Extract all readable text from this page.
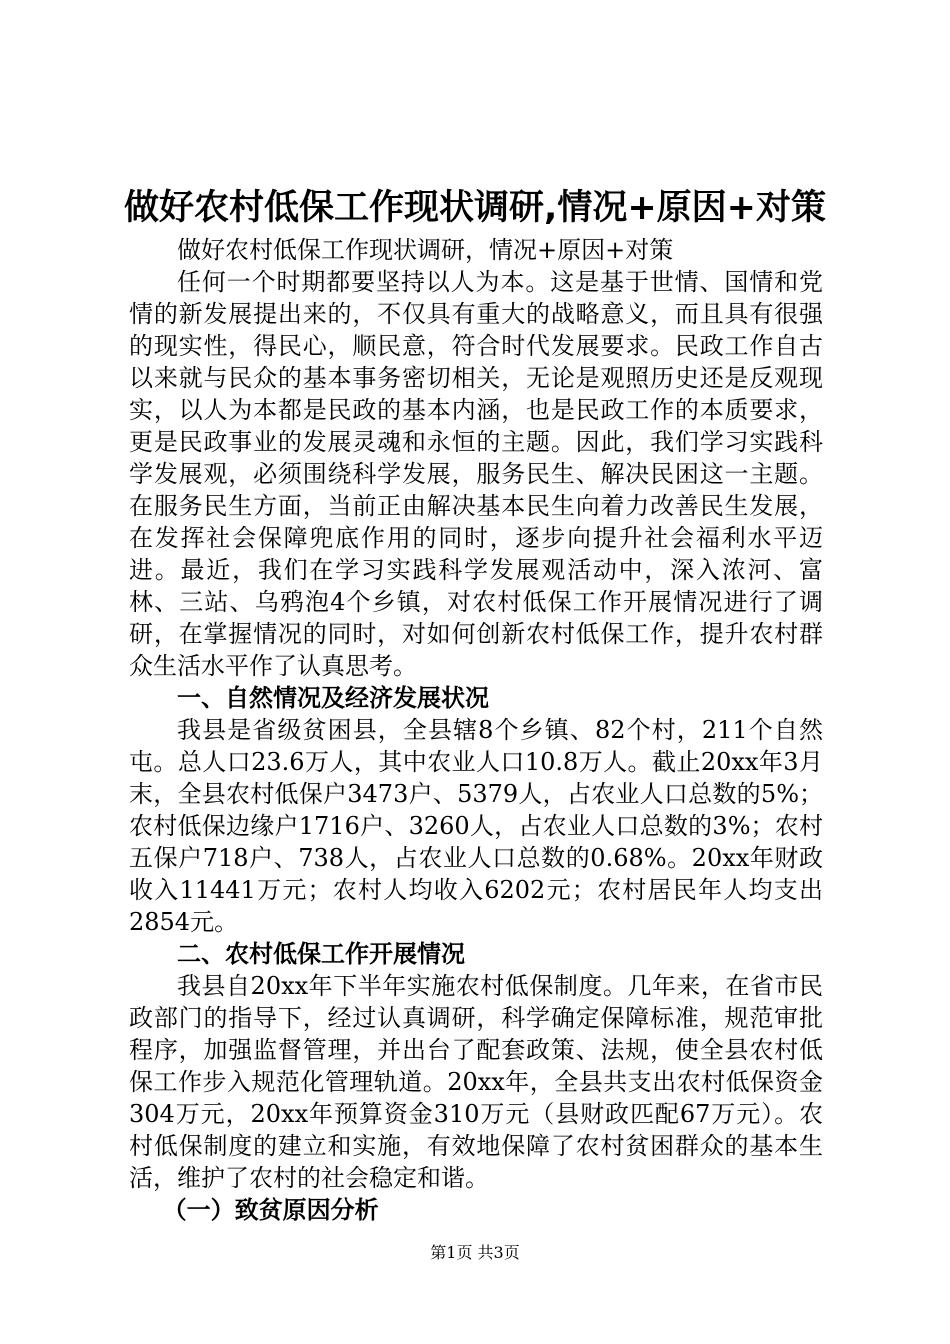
做好农村低保工作现状调研,情况+原因+对策

做好农村低保工作现状调研，情况+原因+对策

任何一个时期都要坚持以人为本。这是基于世情、国情和党情的新发展提出来的，不仅具有重大的战略意义，而且具有很强的现实性，得民心，顺民意，符合时代发展要求。民政工作自古以来就与民众的基本事务密切相关，无论是观照历史还是反观现实，以人为本都是民政的基本内涵，也是民政工作的本质要求，更是民政事业的发展灵魂和永恒的主题。因此，我们学习实践科学发展观，必须围绕科学发展，服务民生、解决民困这一主题。在服务民生方面，当前正由解决基本民生向着力改善民生发展，在发挥社会保障兜底作用的同时，逐步向提升社会福利水平迈进。最近，我们在学习实践科学发展观活动中，深入浓河、富林、三站、乌鸦泡4个乡镇，对农村低保工作开展情况进行了调研，在掌握情况的同时，对如何创新农村低保工作，提升农村群众生活水平作了认真思考。

一、自然情况及经济发展状况

我县是省级贫困县，全县辖8个乡镇、82个村，211个自然屯。总人口23.6万人，其中农业人口10.8万人。截止20xx年3月末，全县农村低保户3473户、5379人，占农业人口总数的5%；农村低保边缘户1716户、3260人，占农业人口总数的3%；农村五保户718户、738人，占农业人口总数的0.68%。20xx年财政收入11441万元；农村人均收入6202元；农村居民年人均支出2854元。

二、农村低保工作开展情况

我县自20xx年下半年实施农村低保制度。几年来，在省市民政部门的指导下，经过认真调研，科学确定保障标准，规范审批程序，加强监督管理，并出台了配套政策、法规，使全县农村低保工作步入规范化管理轨道。20xx年，全县共支出农村低保资金304万元，20xx年预算资金310万元（县财政匹配67万元）。农村低保制度的建立和实施，有效地保障了农村贫困群众的基本生活，维护了农村的社会稳定和谐。

（一）致贫原因分析

第1页 共3页
